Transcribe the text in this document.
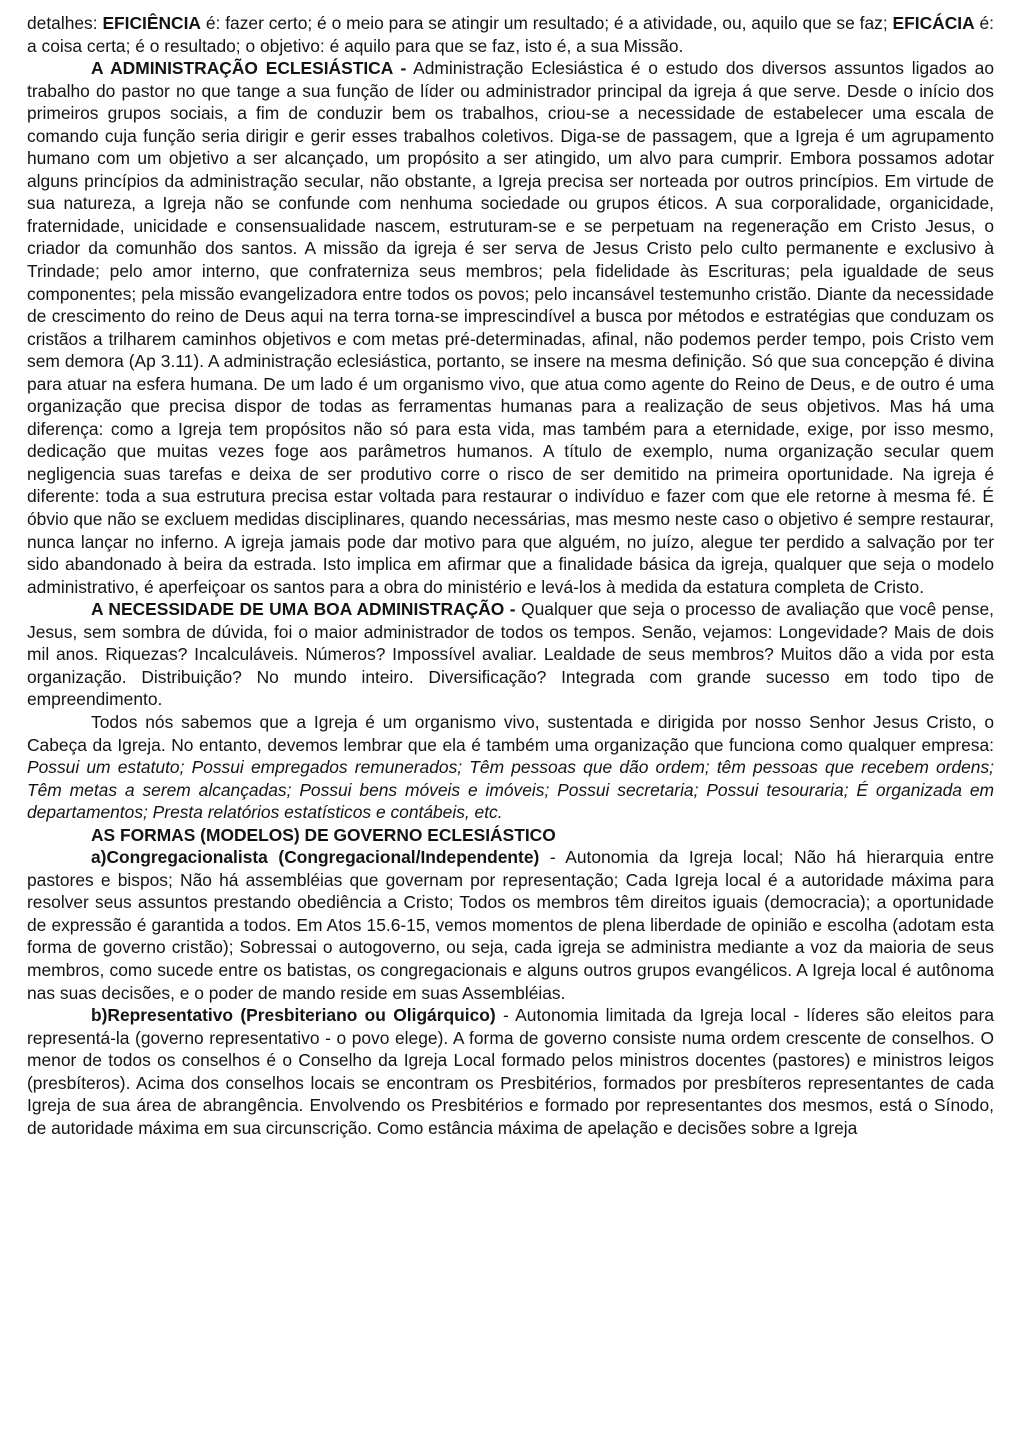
detalhes: EFICIÊNCIA é: fazer certo; é o meio para se atingir um resultado; é a atividade, ou, aquilo que se faz; EFICÁCIA é: a coisa certa; é o resultado; o objetivo: é aquilo para que se faz, isto é, a sua Missão.

A ADMINISTRAÇÃO ECLESIÁSTICA - Administração Eclesiástica é o estudo dos diversos assuntos ligados ao trabalho do pastor no que tange a sua função de líder ou administrador principal da igreja á que serve. Desde o início dos primeiros grupos sociais, a fim de conduzir bem os trabalhos, criou-se a necessidade de estabelecer uma escala de comando cuja função seria dirigir e gerir esses trabalhos coletivos. Diga-se de passagem, que a Igreja é um agrupamento humano com um objetivo a ser alcançado, um propósito a ser atingido, um alvo para cumprir. Embora possamos adotar alguns princípios da administração secular, não obstante, a Igreja precisa ser norteada por outros princípios. Em virtude de sua natureza, a Igreja não se confunde com nenhuma sociedade ou grupos éticos. A sua corporalidade, organicidade, fraternidade, unicidade e consensualidade nascem, estruturam-se e se perpetuam na regeneração em Cristo Jesus, o criador da comunhão dos santos. A missão da igreja é ser serva de Jesus Cristo pelo culto permanente e exclusivo à Trindade; pelo amor interno, que confraterniza seus membros; pela fidelidade às Escrituras; pela igualdade de seus componentes; pela missão evangelizadora entre todos os povos; pelo incansável testemunho cristão. Diante da necessidade de crescimento do reino de Deus aqui na terra torna-se imprescindível a busca por métodos e estratégias que conduzam os cristãos a trilharem caminhos objetivos e com metas pré-determinadas, afinal, não podemos perder tempo, pois Cristo vem sem demora (Ap 3.11). A administração eclesiástica, portanto, se insere na mesma definição. Só que sua concepção é divina para atuar na esfera humana. De um lado é um organismo vivo, que atua como agente do Reino de Deus, e de outro é uma organização que precisa dispor de todas as ferramentas humanas para a realização de seus objetivos. Mas há uma diferença: como a Igreja tem propósitos não só para esta vida, mas também para a eternidade, exige, por isso mesmo, dedicação que muitas vezes foge aos parâmetros humanos. A título de exemplo, numa organização secular quem negligencia suas tarefas e deixa de ser produtivo corre o risco de ser demitido na primeira oportunidade. Na igreja é diferente: toda a sua estrutura precisa estar voltada para restaurar o indivíduo e fazer com que ele retorne à mesma fé. É óbvio que não se excluem medidas disciplinares, quando necessárias, mas mesmo neste caso o objetivo é sempre restaurar, nunca lançar no inferno. A igreja jamais pode dar motivo para que alguém, no juízo, alegue ter perdido a salvação por ter sido abandonado à beira da estrada. Isto implica em afirmar que a finalidade básica da igreja, qualquer que seja o modelo administrativo, é aperfeiçoar os santos para a obra do ministério e levá-los à medida da estatura completa de Cristo.

A NECESSIDADE DE UMA BOA ADMINISTRAÇÃO - Qualquer que seja o processo de avaliação que você pense, Jesus, sem sombra de dúvida, foi o maior administrador de todos os tempos. Senão, vejamos: Longevidade? Mais de dois mil anos. Riquezas? Incalculáveis. Números? Impossível avaliar. Lealdade de seus membros? Muitos dão a vida por esta organização. Distribuição? No mundo inteiro. Diversificação? Integrada com grande sucesso em todo tipo de empreendimento.

Todos nós sabemos que a Igreja é um organismo vivo, sustentada e dirigida por nosso Senhor Jesus Cristo, o Cabeça da Igreja. No entanto, devemos lembrar que ela é também uma organização que funciona como qualquer empresa: Possui um estatuto; Possui empregados remunerados; Têm pessoas que dão ordem; têm pessoas que recebem ordens; Têm metas a serem alcançadas; Possui bens móveis e imóveis; Possui secretaria; Possui tesouraria; É organizada em departamentos; Presta relatórios estatísticos e contábeis, etc.

AS FORMAS (MODELOS) DE GOVERNO ECLESIÁSTICO

a)Congregacionalista (Congregacional/Independente) - Autonomia da Igreja local; Não há hierarquia entre pastores e bispos; Não há assembléias que governam por representação; Cada Igreja local é a autoridade máxima para resolver seus assuntos prestando obediência a Cristo; Todos os membros têm direitos iguais (democracia); a oportunidade de expressão é garantida a todos. Em Atos 15.6-15, vemos momentos de plena liberdade de opinião e escolha (adotam esta forma de governo cristão); Sobressai o autogoverno, ou seja, cada igreja se administra mediante a voz da maioria de seus membros, como sucede entre os batistas, os congregacionais e alguns outros grupos evangélicos. A Igreja local é autônoma nas suas decisões, e o poder de mando reside em suas Assembléias.

b)Representativo (Presbiteriano ou Oligárquico) - Autonomia limitada da Igreja local - líderes são eleitos para representá-la (governo representativo - o povo elege). A forma de governo consiste numa ordem crescente de conselhos. O menor de todos os conselhos é o Conselho da Igreja Local formado pelos ministros docentes (pastores) e ministros leigos (presbíteros). Acima dos conselhos locais se encontram os Presbitérios, formados por presbíteros representantes de cada Igreja de sua área de abrangência. Envolvendo os Presbitérios e formado por representantes dos mesmos, está o Sínodo, de autoridade máxima em sua circunscrição. Como estância máxima de apelação e decisões sobre a Igreja
